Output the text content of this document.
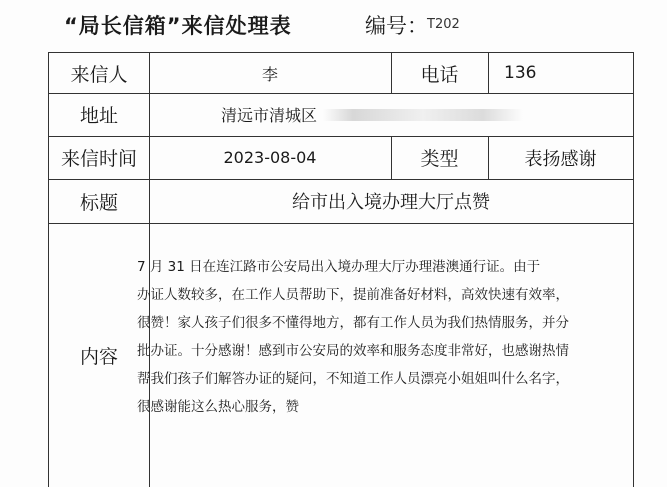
“局长信箱”来信处理表	编号： T202
来信人	李	电话	136
地址	清远市清城区
来信时间	2023-08-04	类型	表扬感谢
标题	给市出入境办理大厅点赞
内容
7 月 31 日在连江路市公安局出入境办理大厅办理港澳通行证。由于
办证人数较多，在工作人员帮助下，提前准备好材料，高效快速有效率，
很赞！家人孩子们很多不懂得地方，都有工作人员为我们热情服务，并分
批办证。十分感谢！感到市公安局的效率和服务态度非常好，也感谢热情
帮我们孩子们解答办证的疑问，不知道工作人员漂亮小姐姐叫什么名字，
很感谢能这么热心服务，赞
